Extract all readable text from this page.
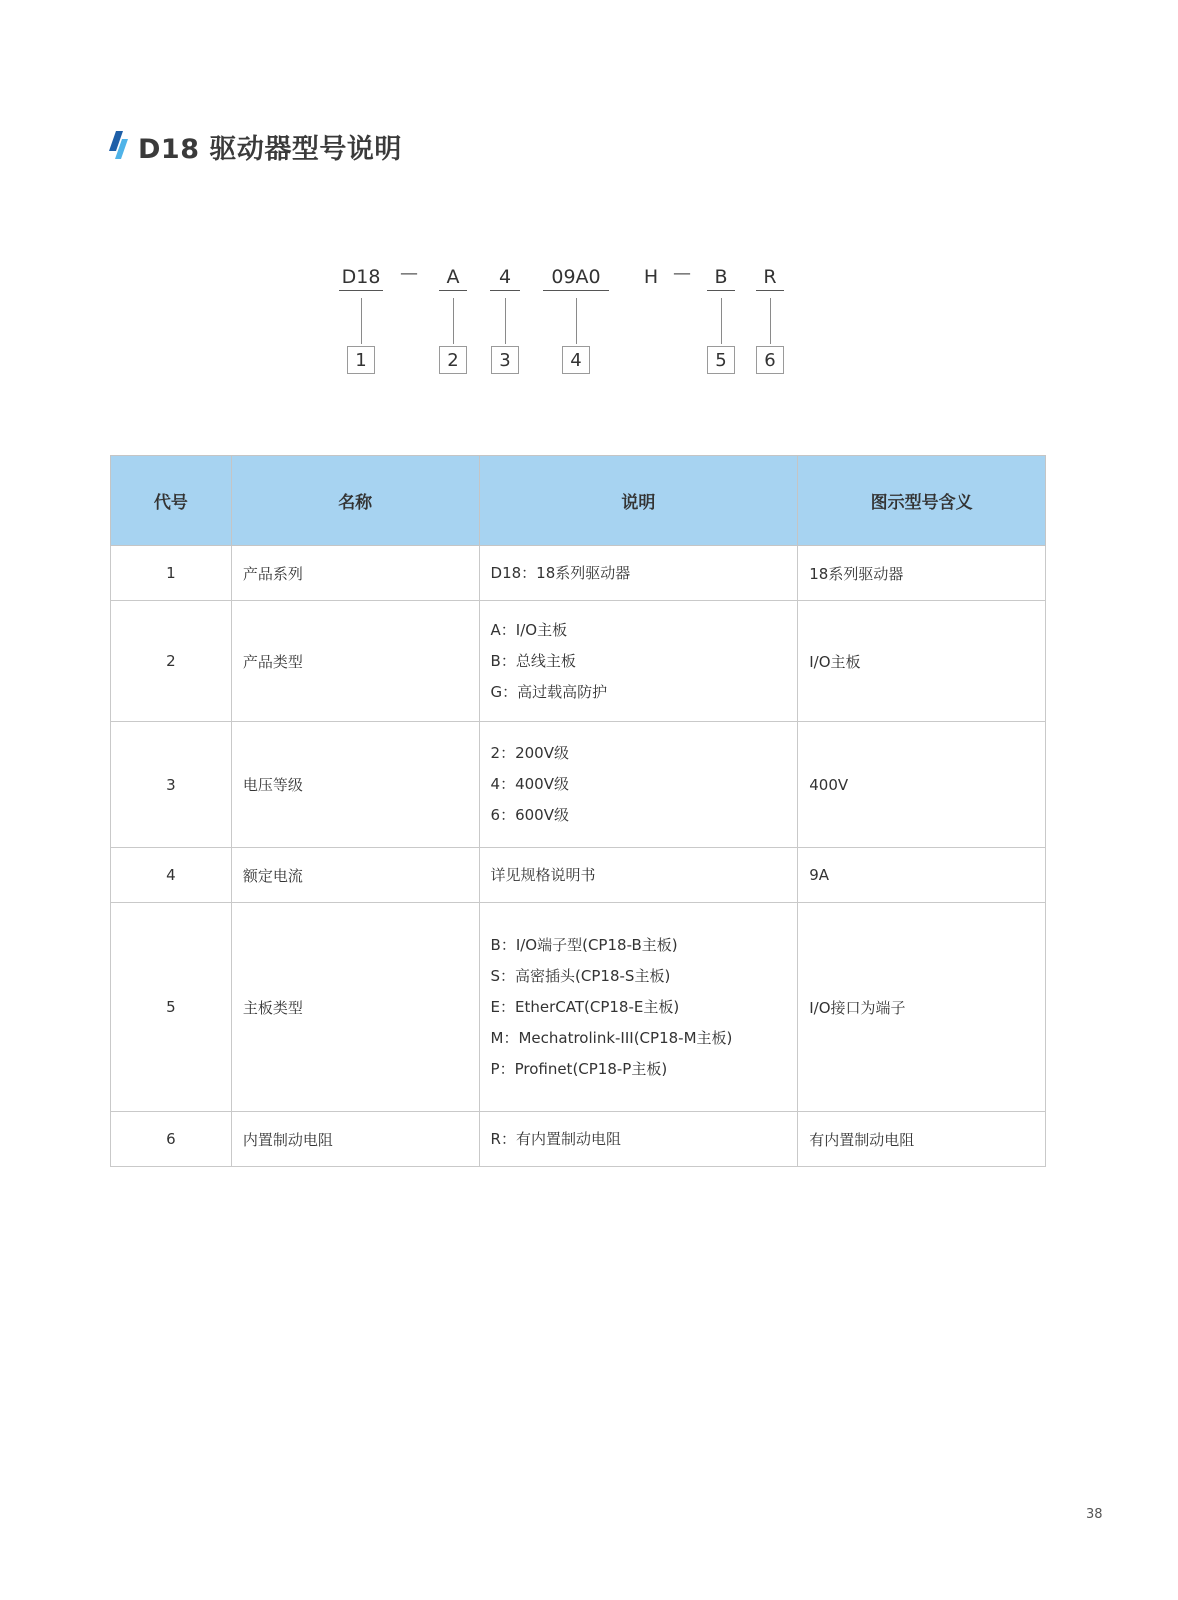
D18 驱动器型号说明
D18 —	A	4	09A0	H —	B	R
1	2	3	4	5	6
代号	名称	说明	图示型号含义
1	产品系列	D18：18系列驱动器	18系列驱动器
2	产品类型	A：I/O主板
B：总线主板
G：高过载高防护	I/O主板
3	电压等级	2：200V级
4：400V级
6：600V级	400V
4	额定电流	详见规格说明书	9A
5	主板类型	B：I/O端子型(CP18-B主板)
S：高密插头(CP18-S主板)
E：EtherCAT(CP18-E主板)
M：Mechatrolink-III(CP18-M主板)
P：Profinet(CP18-P主板)	I/O接口为端子
6	内置制动电阻	R：有内置制动电阻	有内置制动电阻
38
